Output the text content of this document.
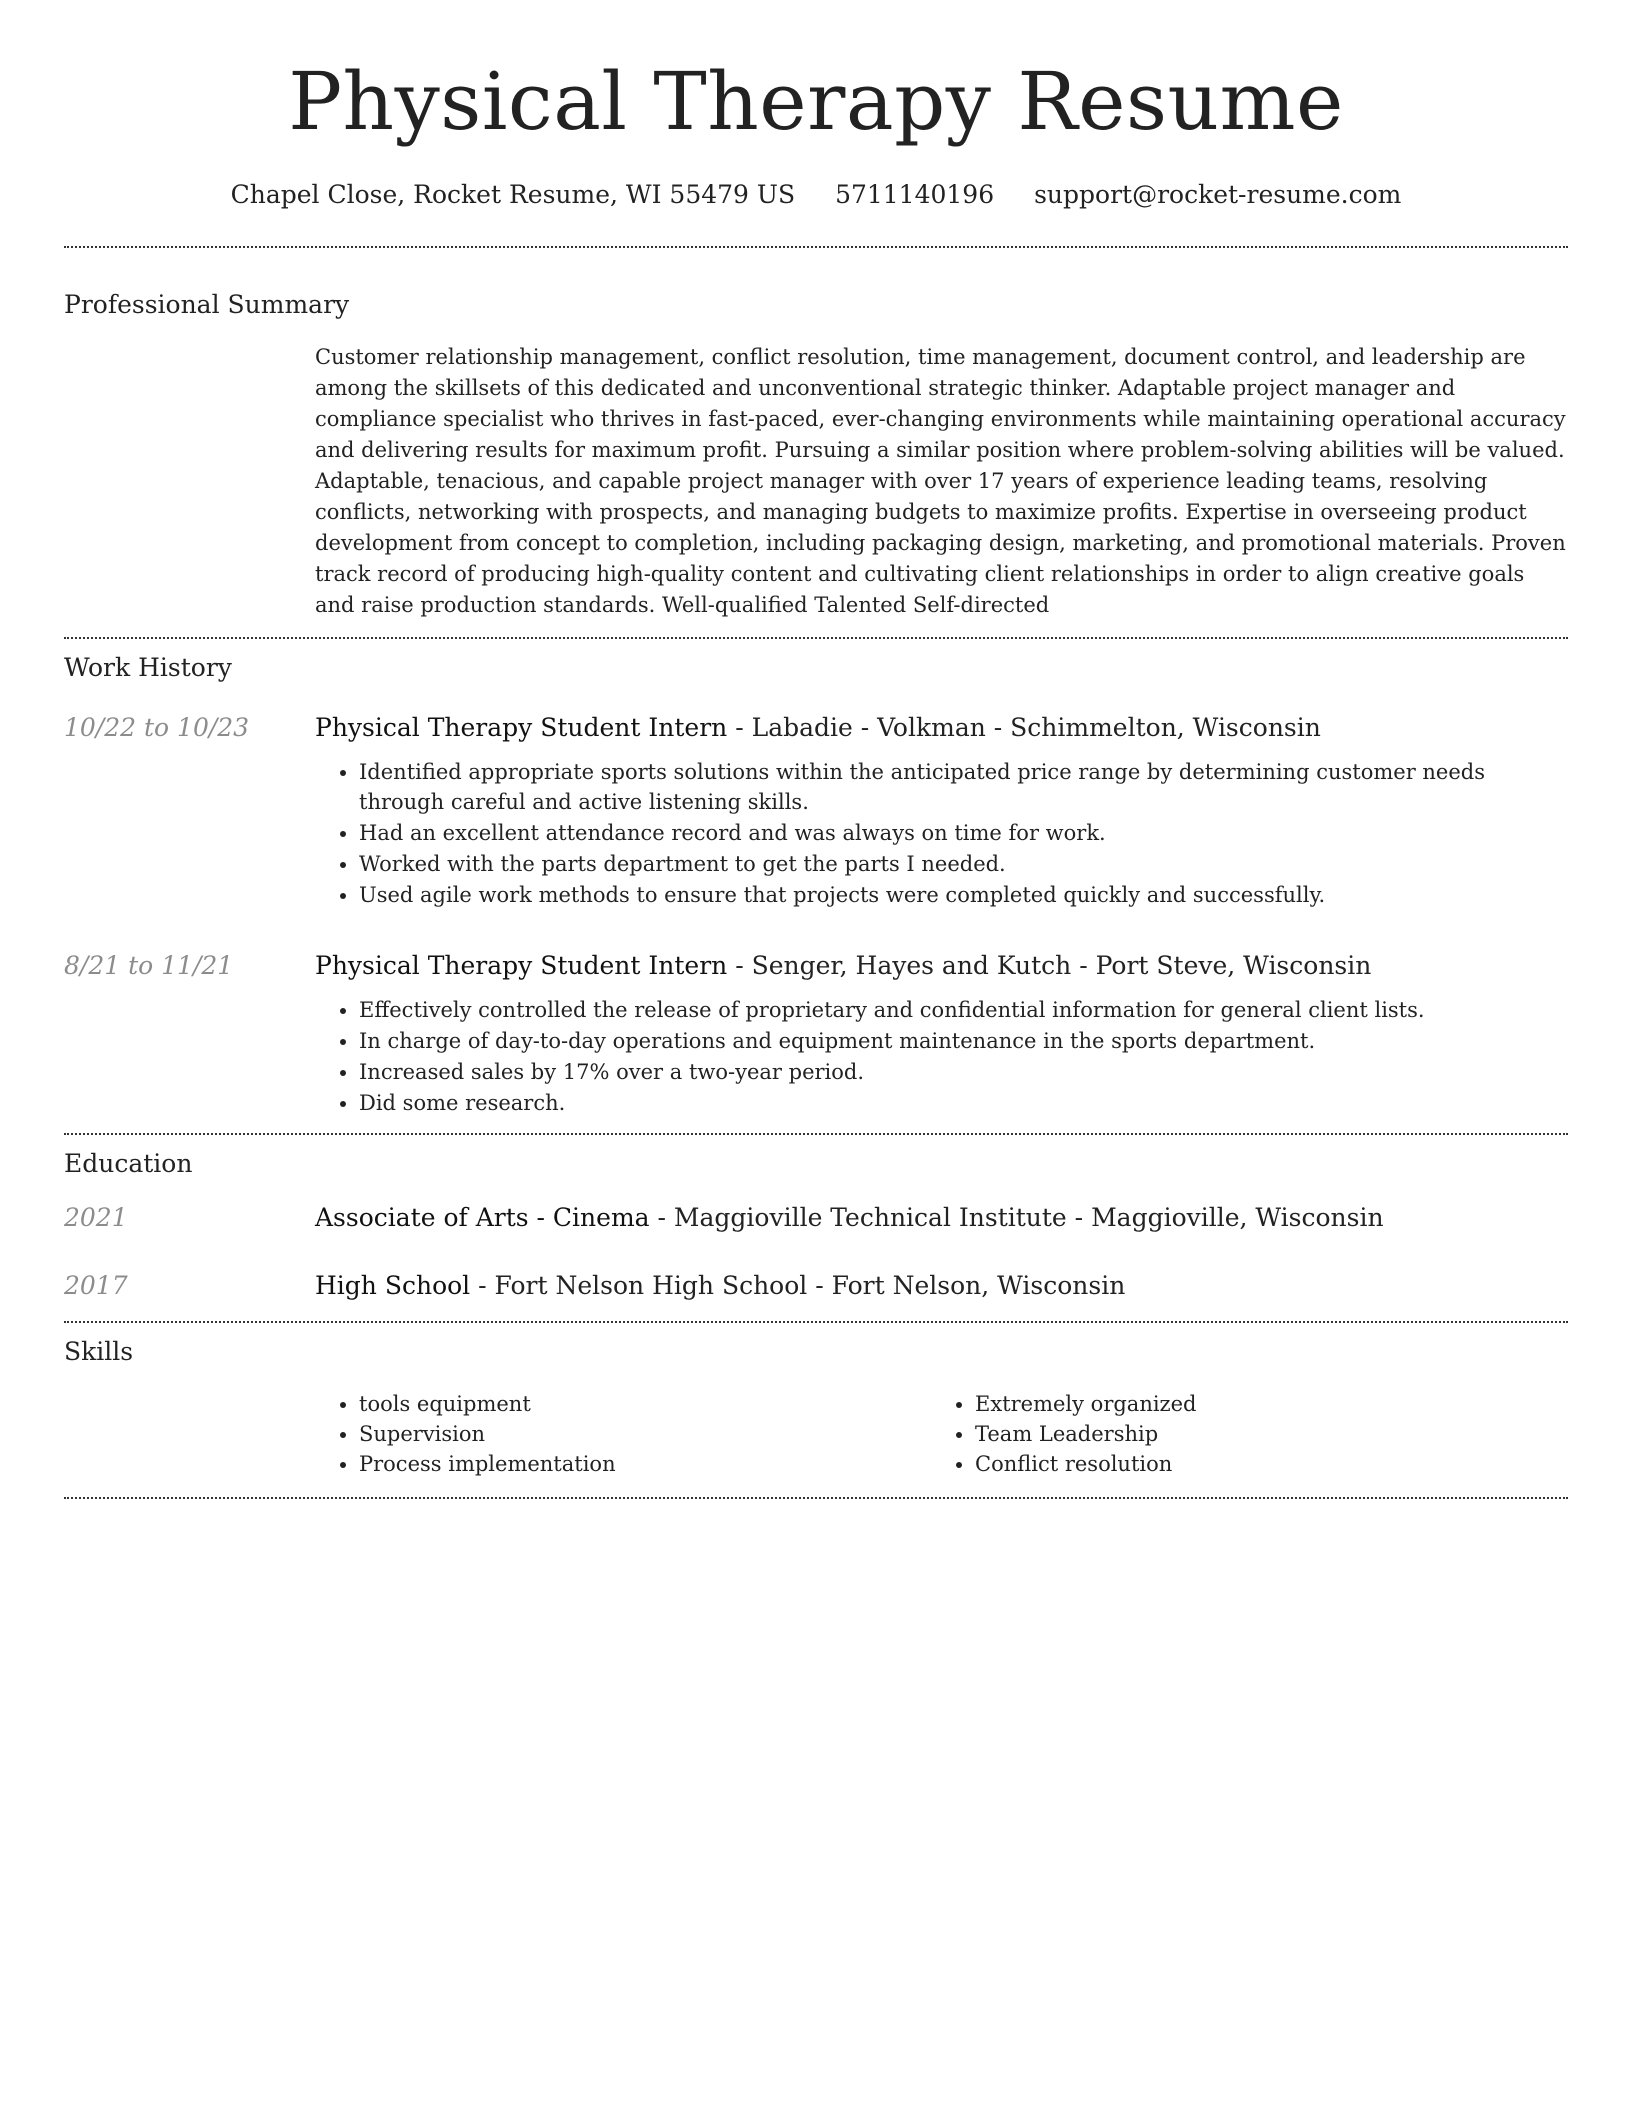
Physical Therapy Resume
Chapel Close, Rocket Resume, WI 55479 US 5711140196 support@rocket-resume.com
Professional Summary
Customer relationship management, conflict resolution, time management, document control, and leadership are among the skillsets of this dedicated and unconventional strategic thinker. Adaptable project manager and compliance specialist who thrives in fast-paced, ever-changing environments while maintaining operational accuracy and delivering results for maximum profit. Pursuing a similar position where problem-solving abilities will be valued. Adaptable, tenacious, and capable project manager with over 17 years of experience leading teams, resolving conflicts, networking with prospects, and managing budgets to maximize profits. Expertise in overseeing product development from concept to completion, including packaging design, marketing, and promotional materials. Proven track record of producing high-quality content and cultivating client relationships in order to align creative goals and raise production standards. Well-qualified Talented Self-directed
Work History
10/22 to 10/23	Physical Therapy Student Intern - Labadie - Volkman - Schimmelton, Wisconsin
• Identified appropriate sports solutions within the anticipated price range by determining customer needs through careful and active listening skills.
• Had an excellent attendance record and was always on time for work.
• Worked with the parts department to get the parts I needed.
• Used agile work methods to ensure that projects were completed quickly and successfully.
8/21 to 11/21	Physical Therapy Student Intern - Senger, Hayes and Kutch - Port Steve, Wisconsin
• Effectively controlled the release of proprietary and confidential information for general client lists.
• In charge of day-to-day operations and equipment maintenance in the sports department.
• Increased sales by 17% over a two-year period.
• Did some research.
Education
2021	Associate of Arts - Cinema - Maggioville Technical Institute - Maggioville, Wisconsin
2017	High School - Fort Nelson High School - Fort Nelson, Wisconsin
Skills
• tools equipment
• Supervision
• Process implementation
• Extremely organized
• Team Leadership
• Conflict resolution
